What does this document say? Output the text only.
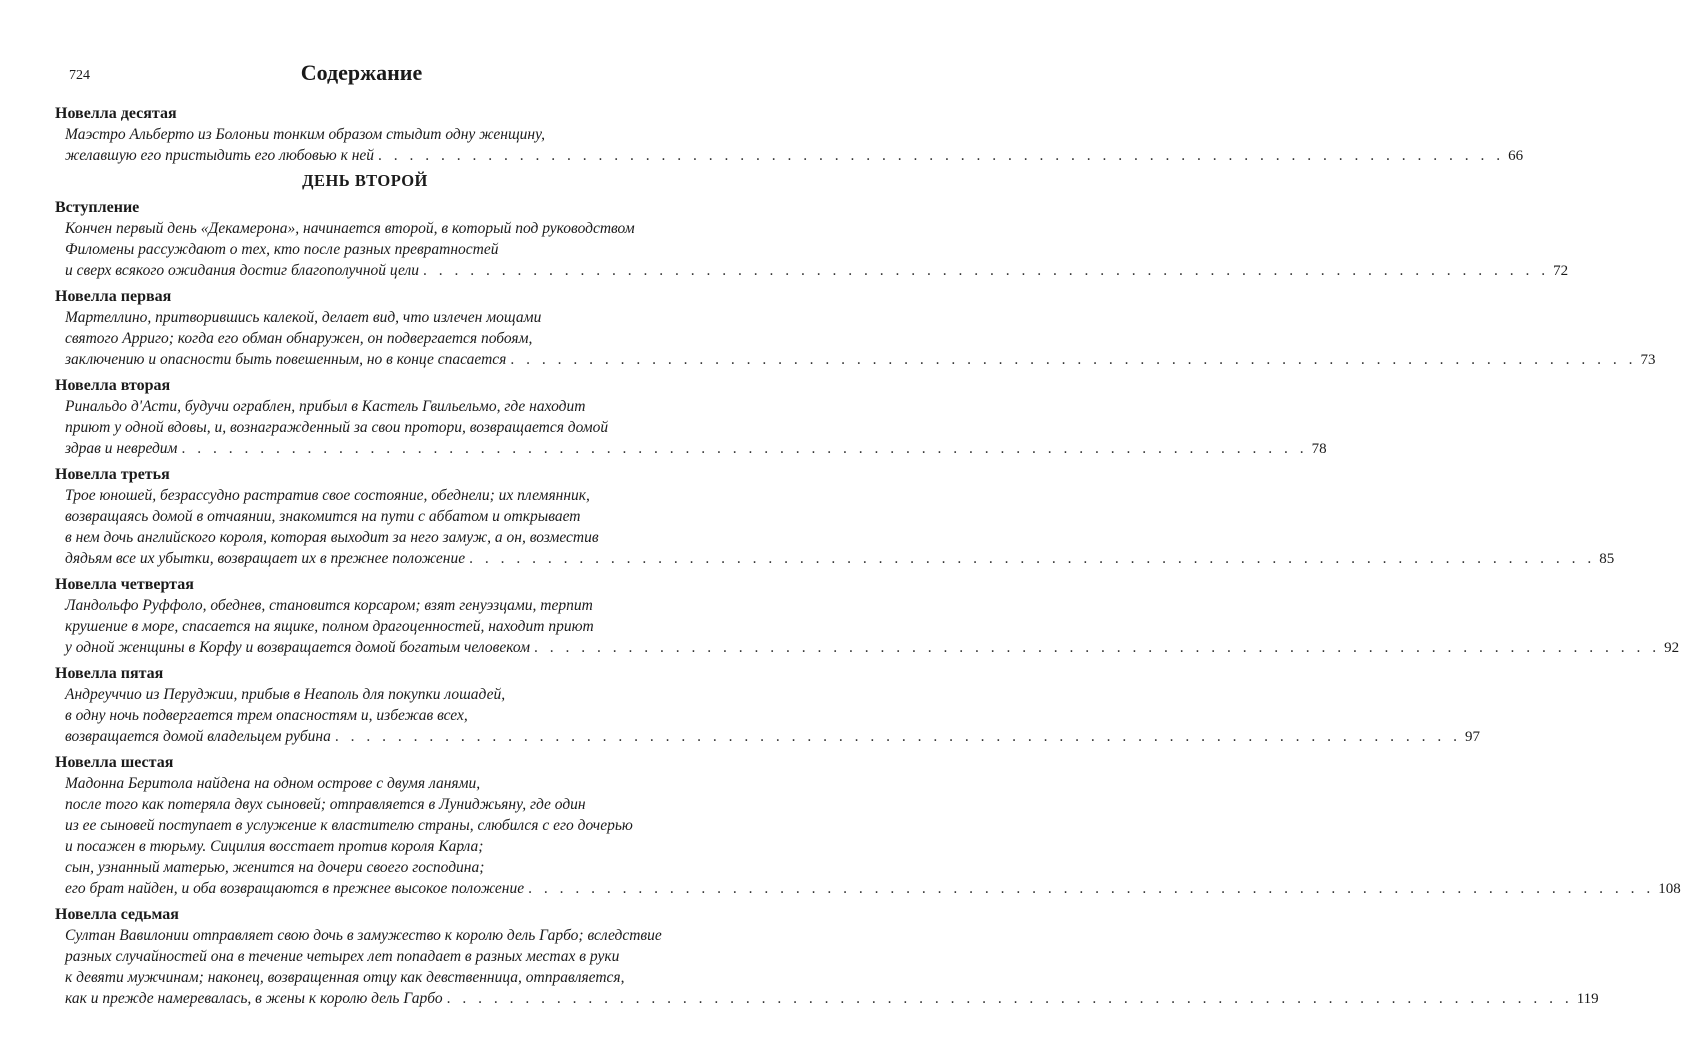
724	Содержание
Новелла десятая
Маэстро Альберто из Болоньи тонким образом стыдит одну женщину,
желавшую его пристыдить его любовью к ней . . . . . . . . . . . . . . . . . . . . . . . . . . . . . . . . . . . . . . . . . . . . . . . . . . . . . . . . . . . . . . . . . . . . . . . . 66
ДЕНЬ ВТОРОЙ
Вступление
Кончен первый день «Декамерона», начинается второй, в который под руководством
Филомены рассуждают о тех, кто после разных превратностей
и сверх всякого ожидания достиг благополучной цели . . . . . . . . . . . . . . . . . . . . . . . . . . . . . . . . . . . . . . . . . . . . . . . . . . . . . . . . . . . . . . . . . . . . . . . . 72
Новелла первая
Мартеллино, притворившись калекой, делает вид, что излечен мощами
святого Арриго; когда его обман обнаружен, он подвергается побоям,
заключению и опасности быть повешенным, но в конце спасается . . . . . . . . . . . . . . . . . . . . . . . . . . . . . . . . . . . . . . . . . . . . . . . . . . . . . . . . . . . . . . . . . . . . . . . . 73
Новелла вторая
Ринальдо д'Асти, будучи ограблен, прибыл в Кастель Гвильельмо, где находит
приют у одной вдовы, и, вознагражденный за свои протори, возвращается домой
здрав и невредим . . . . . . . . . . . . . . . . . . . . . . . . . . . . . . . . . . . . . . . . . . . . . . . . . . . . . . . . . . . . . . . . . . . . . . . . 78
Новелла третья
Трое юношей, безрассудно растратив свое состояние, обеднели; их племянник,
возвращаясь домой в отчаянии, знакомится на пути с аббатом и открывает
в нем дочь английского короля, которая выходит за него замуж, а он, возместив
дядьям все их убытки, возвращает их в прежнее положение . . . . . . . . . . . . . . . . . . . . . . . . . . . . . . . . . . . . . . . . . . . . . . . . . . . . . . . . . . . . . . . . . . . . . . . . 85
Новелла четвертая
Ландольфо Руффоло, обеднев, становится корсаром; взят генуэзцами, терпит
крушение в море, спасается на ящике, полном драгоценностей, находит приют
у одной женщины в Корфу и возвращается домой богатым человеком . . . . . . . . . . . . . . . . . . . . . . . . . . . . . . . . . . . . . . . . . . . . . . . . . . . . . . . . . . . . . . . . . . . . . . . . 92
Новелла пятая
Андреуччио из Перуджии, прибыв в Неаполь для покупки лошадей,
в одну ночь подвергается трем опасностям и, избежав всех,
возвращается домой владельцем рубина . . . . . . . . . . . . . . . . . . . . . . . . . . . . . . . . . . . . . . . . . . . . . . . . . . . . . . . . . . . . . . . . . . . . . . . . 97
Новелла шестая
Мадонна Беритола найдена на одном острове с двумя ланями,
после того как потеряла двух сыновей; отправляется в Луниджьяну, где один
из ее сыновей поступает в услужение к властителю страны, слюбился с его дочерью
и посажен в тюрьму. Сицилия восстает против короля Карла;
сын, узнанный матерью, женится на дочери своего господина;
его брат найден, и оба возвращаются в прежнее высокое положение . . . . . . . . . . . . . . . . . . . . . . . . . . . . . . . . . . . . . . . . . . . . . . . . . . . . . . . . . . . . . . . . . . . . . . . . 108
Новелла седьмая
Султан Вавилонии отправляет свою дочь в замужество к королю дель Гарбо; вследствие
разных случайностей она в течение четырех лет попадает в разных местах в руки
к девяти мужчинам; наконец, возвращенная отцу как девственница, отправляется,
как и прежде намеревалась, в жены к королю дель Гарбо . . . . . . . . . . . . . . . . . . . . . . . . . . . . . . . . . . . . . . . . . . . . . . . . . . . . . . . . . . . . . . . . . . . . . . . . 119
